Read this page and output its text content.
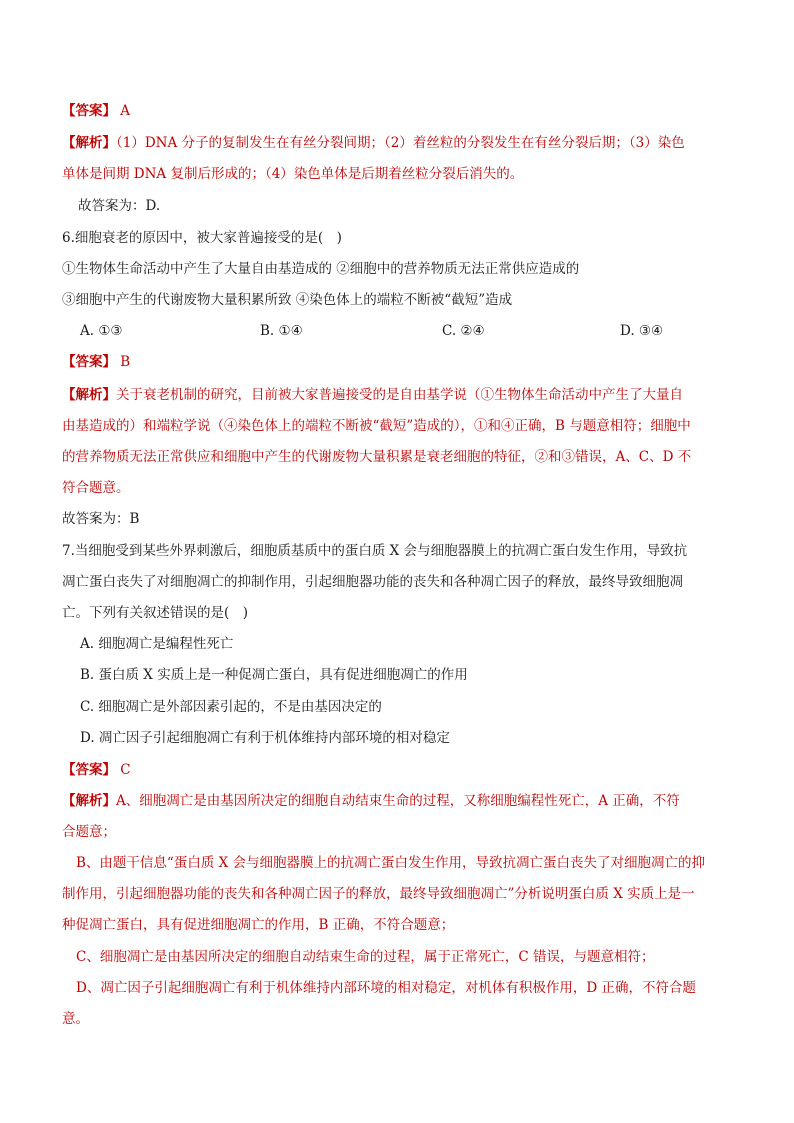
【答案】 A
【解析】（1）DNA 分子的复制发生在有丝分裂间期；（2）着丝粒的分裂发生在有丝分裂后期；（3）染色
单体是间期 DNA 复制后形成的；（4）染色单体是后期着丝粒分裂后消失的。
故答案为：D.
6.细胞衰老的原因中，被大家普遍接受的是(　)
①生物体生命活动中产生了大量自由基造成的 ②细胞中的营养物质无法正常供应造成的
③细胞中产生的代谢废物大量积累所致 ④染色体上的端粒不断被“截短”造成
A. ①③	B. ①④	C. ②④	D. ③④
【答案】 B
【解析】关于衰老机制的研究，目前被大家普遍接受的是自由基学说（①生物体生命活动中产生了大量自
由基造成的）和端粒学说（④染色体上的端粒不断被“截短”造成的），①和④正确，B 与题意相符；细胞中
的营养物质无法正常供应和细胞中产生的代谢废物大量积累是衰老细胞的特征，②和③错误，A、C、D 不
符合题意。
故答案为：B
7.当细胞受到某些外界刺激后，细胞质基质中的蛋白质 X 会与细胞器膜上的抗凋亡蛋白发生作用，导致抗
凋亡蛋白丧失了对细胞凋亡的抑制作用，引起细胞器功能的丧失和各种凋亡因子的释放，最终导致细胞凋
亡。下列有关叙述错误的是(　)
A. 细胞凋亡是编程性死亡
B. 蛋白质 X 实质上是一种促凋亡蛋白，具有促进细胞凋亡的作用
C. 细胞凋亡是外部因素引起的，不是由基因决定的
D. 凋亡因子引起细胞凋亡有利于机体维持内部环境的相对稳定
【答案】 C
【解析】A、细胞凋亡是由基因所决定的细胞自动结束生命的过程，又称细胞编程性死亡，A 正确，不符
合题意；
B、由题干信息“蛋白质 X 会与细胞器膜上的抗凋亡蛋白发生作用，导致抗凋亡蛋白丧失了对细胞凋亡的抑
制作用，引起细胞器功能的丧失和各种凋亡因子的释放，最终导致细胞凋亡”分析说明蛋白质 X 实质上是一
种促凋亡蛋白，具有促进细胞凋亡的作用，B 正确，不符合题意；
C、细胞凋亡是由基因所决定的细胞自动结束生命的过程，属于正常死亡，C 错误，与题意相符；
D、凋亡因子引起细胞凋亡有利于机体维持内部环境的相对稳定，对机体有积极作用，D 正确，不符合题
意。
